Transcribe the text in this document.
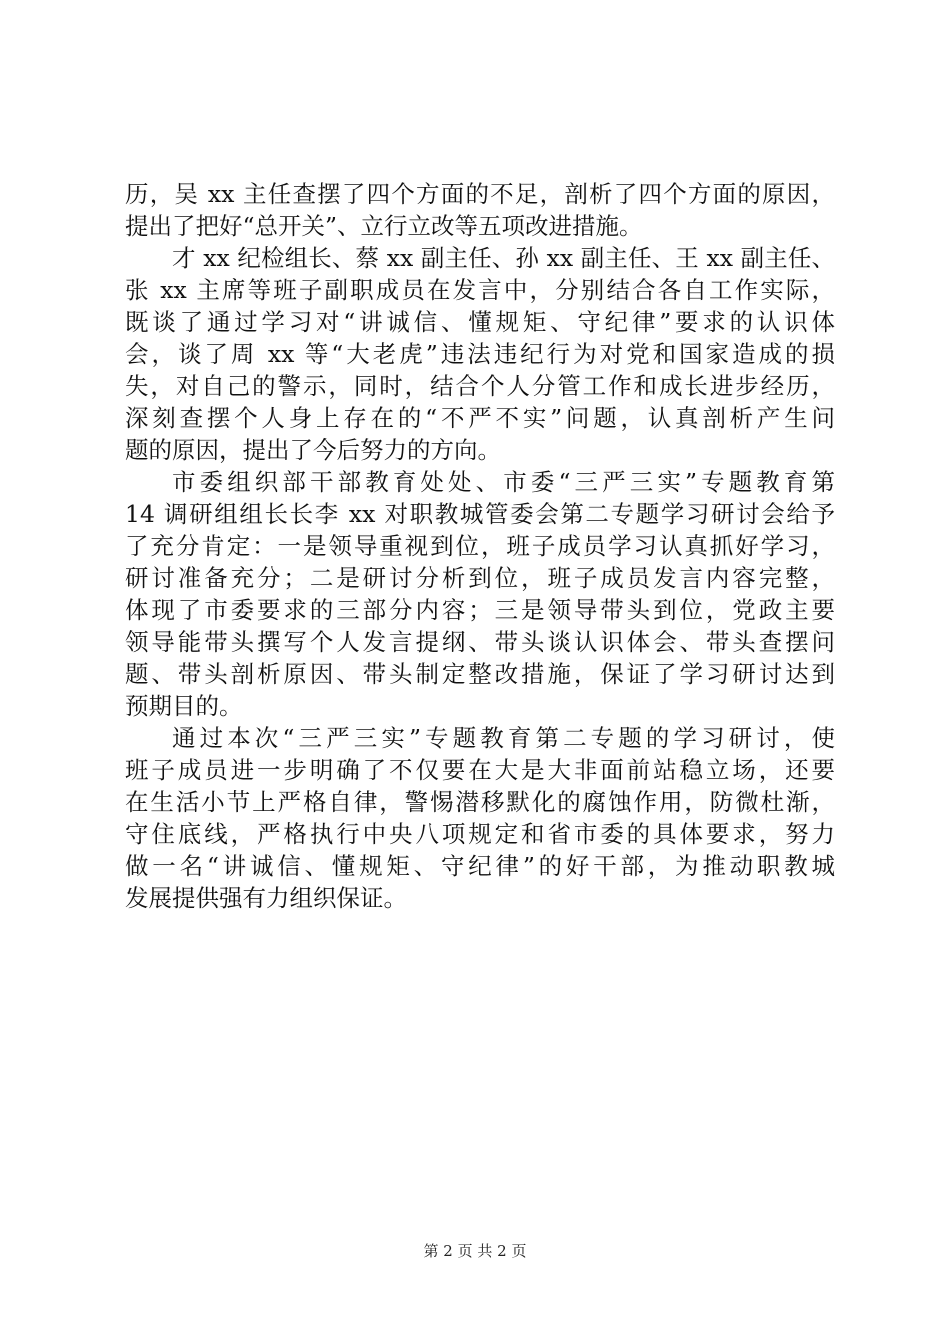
历，吴 xx 主任查摆了四个方面的不足，剖析了四个方面的原因，
提出了把好“总开关”、立行立改等五项改进措施。
才 xx 纪检组长、蔡 xx 副主任、孙 xx 副主任、王 xx 副主任、
张 xx 主席等班子副职成员在发言中，分别结合各自工作实际，
既谈了通过学习对“讲诚信、懂规矩、守纪律”要求的认识体
会，谈了周 xx 等“大老虎”违法违纪行为对党和国家造成的损
失，对自己的警示，同时，结合个人分管工作和成长进步经历，
深刻查摆个人身上存在的“不严不实”问题，认真剖析产生问
题的原因，提出了今后努力的方向。
市委组织部干部教育处处、市委“三严三实”专题教育第
14 调研组组长长李 xx 对职教城管委会第二专题学习研讨会给予
了充分肯定：一是领导重视到位，班子成员学习认真抓好学习，
研讨准备充分；二是研讨分析到位，班子成员发言内容完整，
体现了市委要求的三部分内容；三是领导带头到位，党政主要
领导能带头撰写个人发言提纲、带头谈认识体会、带头查摆问
题、带头剖析原因、带头制定整改措施，保证了学习研讨达到
预期目的。
通过本次“三严三实”专题教育第二专题的学习研讨，使
班子成员进一步明确了不仅要在大是大非面前站稳立场，还要
在生活小节上严格自律，警惕潜移默化的腐蚀作用，防微杜渐，
守住底线，严格执行中央八项规定和省市委的具体要求，努力
做一名“讲诚信、懂规矩、守纪律”的好干部，为推动职教城
发展提供强有力组织保证。
第 2 页 共 2 页
